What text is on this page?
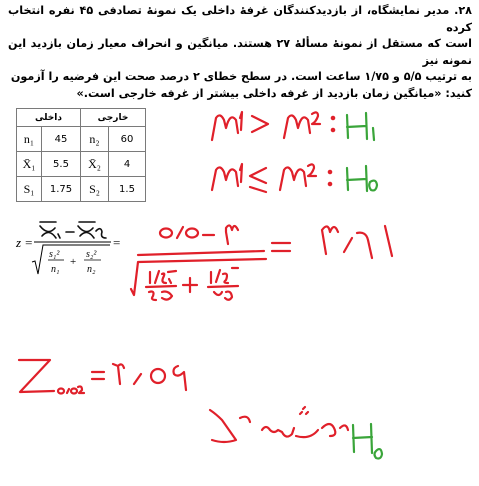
۲۸. مدیر نمایشگاه، از بازدیدکنندگان غرفهٔ داخلی یک نمونهٔ تصادفی ۴۵ نفره انتخاب کرده
است که مستقل از نمونهٔ مسألهٔ ۲۷ هستند. میانگین و انحراف معیار زمان بازدید این نمونه نیز
به ترتیب ۵/۵ و ۱/۷۵ ساعت است. در سطح خطای ۲ درصد صحت این فرضیه را آزمون
کنید: «میانگین زمان بازدید از غرفه داخلی بیشتر از غرفه خارجی است.»
داخلی		خارجی	
n₁	45	n₂	60
X̄₁	5.5	X̄₂	4
S₁	1.75	S₂	1.5
z =
s₁²
n₁
+
s₂²
n₂
=
